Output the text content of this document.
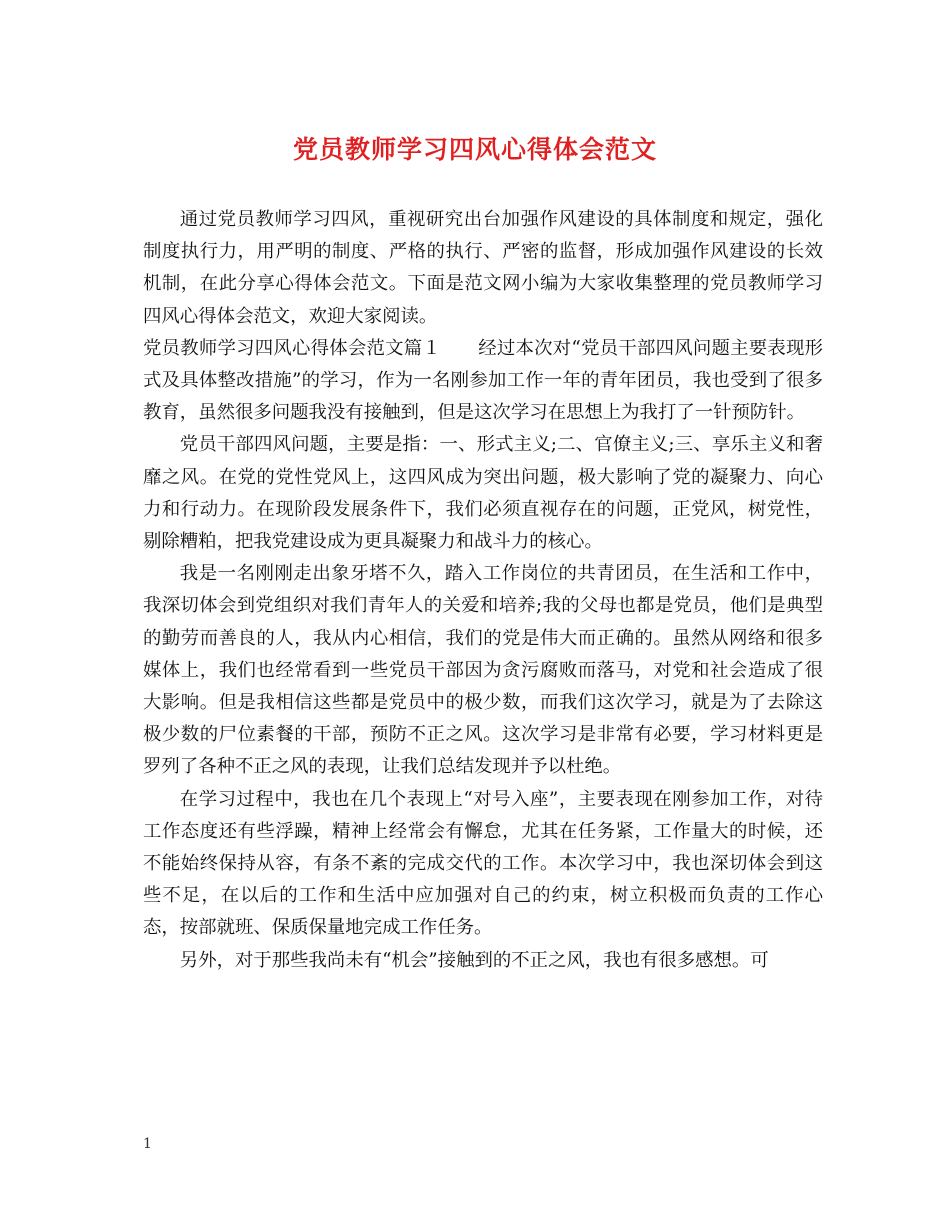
党员教师学习四风心得体会范文

通过党员教师学习四风，重视研究出台加强作风建设的具体制度和规定，强化制度执行力，用严明的制度、严格的执行、严密的监督，形成加强作风建设的长效机制，在此分享心得体会范文。下面是范文网小编为大家收集整理的党员教师学习四风心得体会范文，欢迎大家阅读。

党员教师学习四风心得体会范文篇１　　经过本次对“党员干部四风问题主要表现形式及具体整改措施”的学习，作为一名刚参加工作一年的青年团员，我也受到了很多教育，虽然很多问题我没有接触到，但是这次学习在思想上为我打了一针预防针。

党员干部四风问题，主要是指：一、形式主义;二、官僚主义;三、享乐主义和奢靡之风。在党的党性党风上，这四风成为突出问题，极大影响了党的凝聚力、向心力和行动力。在现阶段发展条件下，我们必须直视存在的问题，正党风，树党性，剔除糟粕，把我党建设成为更具凝聚力和战斗力的核心。

我是一名刚刚走出象牙塔不久，踏入工作岗位的共青团员，在生活和工作中，我深切体会到党组织对我们青年人的关爱和培养;我的父母也都是党员，他们是典型的勤劳而善良的人，我从内心相信，我们的党是伟大而正确的。虽然从网络和很多媒体上，我们也经常看到一些党员干部因为贪污腐败而落马，对党和社会造成了很大影响。但是我相信这些都是党员中的极少数，而我们这次学习，就是为了去除这极少数的尸位素餐的干部，预防不正之风。这次学习是非常有必要，学习材料更是罗列了各种不正之风的表现，让我们总结发现并予以杜绝。

在学习过程中，我也在几个表现上“对号入座”，主要表现在刚参加工作，对待工作态度还有些浮躁，精神上经常会有懈怠，尤其在任务紧，工作量大的时候，还不能始终保持从容，有条不紊的完成交代的工作。本次学习中，我也深切体会到这些不足，在以后的工作和生活中应加强对自己的约束，树立积极而负责的工作心态，按部就班、保质保量地完成工作任务。

另外，对于那些我尚未有“机会”接触到的不正之风，我也有很多感想。可

1
